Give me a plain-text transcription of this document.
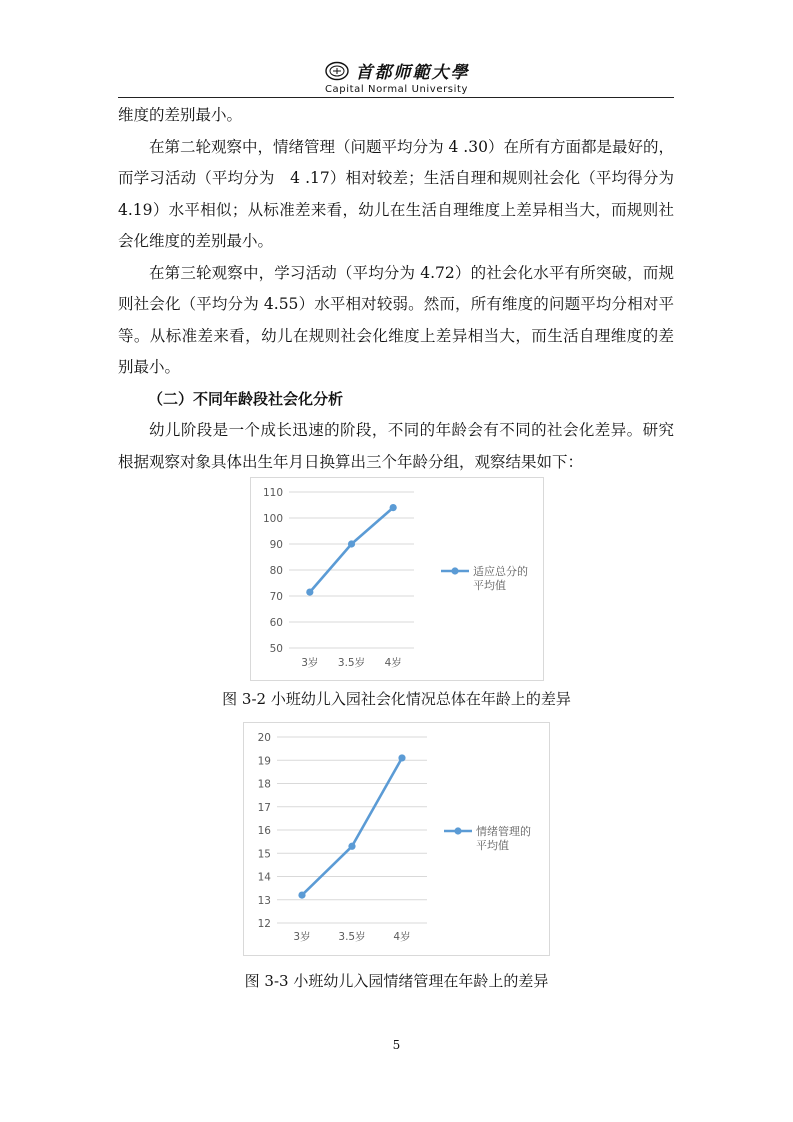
首都师範大學
Capital Normal University

维度的差别最小。

在第二轮观察中，情绪管理（问题平均分为 4 .30）在所有方面都是最好的，而学习活动（平均分为　4 .17）相对较差；生活自理和规则社会化（平均得分为 4.19）水平相似；从标准差来看，幼儿在生活自理维度上差异相当大，而规则社会化维度的差别最小。

在第三轮观察中，学习活动（平均分为 4.72）的社会化水平有所突破，而规则社会化（平均分为 4.55）水平相对较弱。然而，所有维度的问题平均分相对平等。从标准差来看，幼儿在规则社会化维度上差异相当大，而生活自理维度的差别最小。

（二）不同年龄段社会化分析

幼儿阶段是一个成长迅速的阶段，不同的年龄会有不同的社会化差异。研究根据观察对象具体出生年月日换算出三个年龄分组，观察结果如下：

110
100
90
80
70
60
50
3岁 3.5岁 4岁
适应总分的
平均值
图 3-2 小班幼儿入园社会化情况总体在年龄上的差异
20
19
18
17
16
15
14
13
12
3岁	3.5岁	4岁
情绪管理的
平均值
图 3-3 小班幼儿入园情绪管理在年龄上的差异
5
